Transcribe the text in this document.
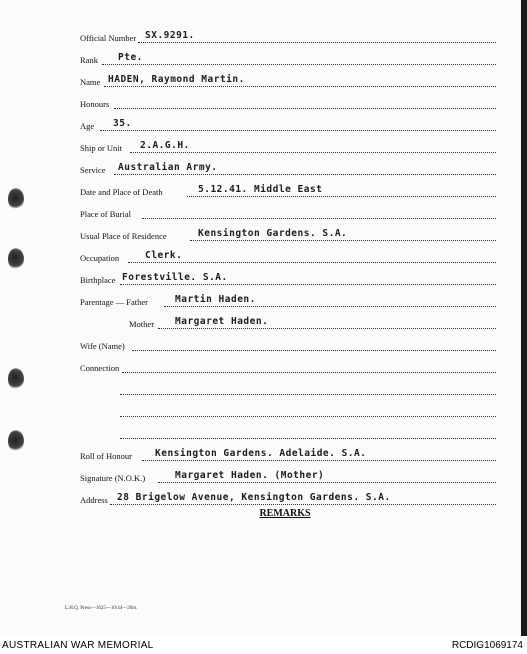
Official Number SX.9291.
Rank Pte.
Name HADEN, Raymond Martin.
Honours
Age 35.
Ship or Unit 2.A.G.H.
Service Australian Army.
Date and Place of Death	5.12.41. Middle East
Place of Burial
Usual Place of Residence	Kensington Gardens. S.A.
Occupation	Clerk.
Birthplace Forestville. S.A.
Parentage — Father	Martin Haden.
Mother Margaret Haden.
Wife (Name)
Connection
Roll of Honour Kensington Gardens. Adelaide. S.A.
Signature (N.O.K.)	Margaret Haden. (Mother)
Address 28 Brigelow Avenue, Kensington Gardens. S.A.
REMARKS
L.H.Q. Press—1625—10/44—20m.
AUSTRALIAN WAR MEMORIAL	RCDIG1069174
